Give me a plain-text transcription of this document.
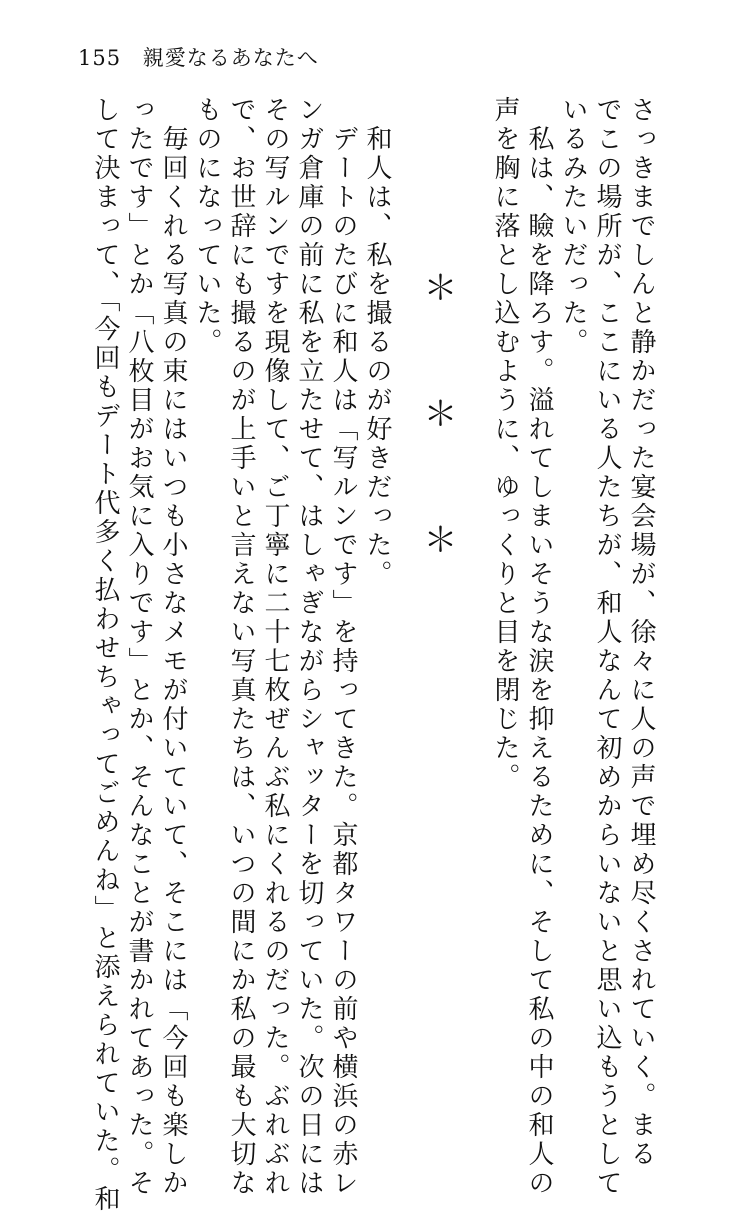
155 親愛なるあなたへ
さっきまでしんと静かだった宴会場が、徐々に人の声で埋め尽くされていく。まる
でこの場所が、ここにいる人たちが、和人なんて初めからいないと思い込もうとして
いるみたいだった。
　私は、瞼を降ろす。溢れてしまいそうな涙を抑えるために、そして私の中の和人の
声を胸に落とし込むように、ゆっくりと目を閉じた。
＊＊＊
　和人は、私を撮るのが好きだった。
　デートのたびに和人は「写ルンです」を持ってきた。京都タワーの前や横浜の赤レ
ンガ倉庫の前に私を立たせて、はしゃぎながらシャッターを切っていた。次の日には
その写ルンですを現像して、ご丁寧に二十七枚ぜんぶ私にくれるのだった。ぶれぶれ
で、お世辞にも撮るのが上手いと言えない写真たちは、いつの間にか私の最も大切な
ものになっていた。
　毎回くれる写真の束にはいつも小さなメモが付いていて、そこには「今回も楽しか
ったです」とか「八枚目がお気に入りです」とか、そんなことが書かれてあった。そ
して決まって、「今回もデート代多く払わせちゃってごめんね」と添えられていた。和
